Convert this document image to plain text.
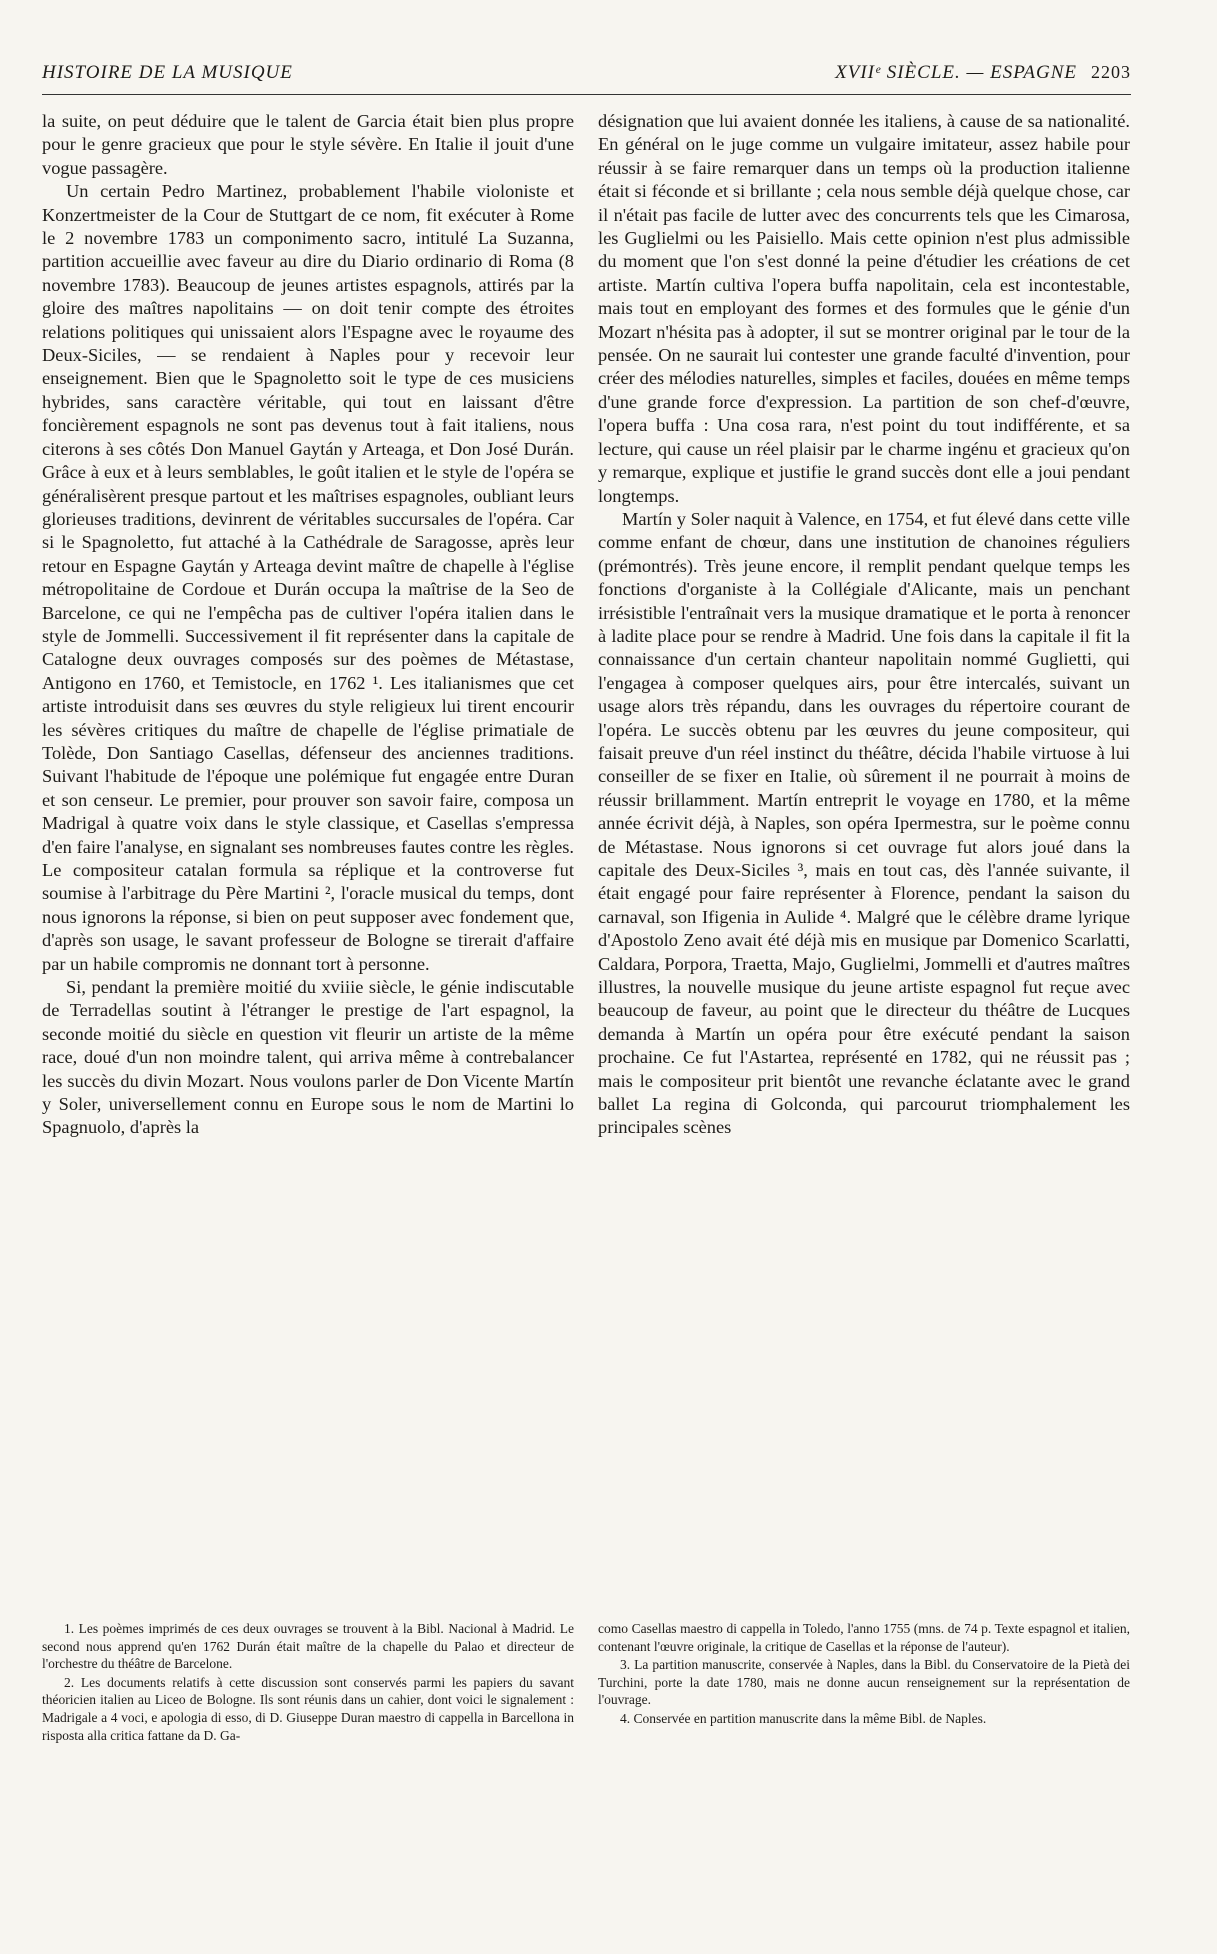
HISTOIRE DE LA MUSIQUE	XVIIᵉ SIÈCLE. — ESPAGNE 2203

la suite, on peut déduire que le talent de Garcia était bien plus propre pour le genre gracieux que pour le style sévère. En Italie il jouit d'une vogue passagère.

Un certain Pedro Martinez, probablement l'habile violoniste et Konzertmeister de la Cour de Stuttgart de ce nom, fit exécuter à Rome le 2 novembre 1783 un componimento sacro, intitulé La Suzanna, partition accueillie avec faveur au dire du Diario ordinario di Roma (8 novembre 1783). Beaucoup de jeunes artistes espagnols, attirés par la gloire des maîtres napolitains — on doit tenir compte des étroites relations politiques qui unissaient alors l'Espagne avec le royaume des Deux-Siciles, — se rendaient à Naples pour y recevoir leur enseignement. Bien que le Spagnoletto soit le type de ces musiciens hybrides, sans caractère véritable, qui tout en laissant d'être foncièrement espagnols ne sont pas devenus tout à fait italiens, nous citerons à ses côtés Don Manuel Gaytán y Arteaga, et Don José Durán. Grâce à eux et à leurs semblables, le goût italien et le style de l'opéra se généralisèrent presque partout et les maîtrises espagnoles, oubliant leurs glorieuses traditions, devinrent de véritables succursales de l'opéra. Car si le Spagnoletto, fut attaché à la Cathédrale de Saragosse, après leur retour en Espagne Gaytán y Arteaga devint maître de chapelle à l'église métropolitaine de Cordoue et Durán occupa la maîtrise de la Seo de Barcelone, ce qui ne l'empêcha pas de cultiver l'opéra italien dans le style de Jommelli. Successivement il fit représenter dans la capitale de Catalogne deux ouvrages composés sur des poèmes de Métastase, Antigono en 1760, et Temistocle, en 1762 ¹. Les italianismes que cet artiste introduisit dans ses œuvres du style religieux lui tirent encourir les sévères critiques du maître de chapelle de l'église primatiale de Tolède, Don Santiago Casellas, défenseur des anciennes traditions. Suivant l'habitude de l'époque une polémique fut engagée entre Duran et son censeur. Le premier, pour prouver son savoir faire, composa un Madrigal à quatre voix dans le style classique, et Casellas s'empressa d'en faire l'analyse, en signalant ses nombreuses fautes contre les règles. Le compositeur catalan formula sa réplique et la controverse fut soumise à l'arbitrage du Père Martini ², l'oracle musical du temps, dont nous ignorons la réponse, si bien on peut supposer avec fondement que, d'après son usage, le savant professeur de Bologne se tirerait d'affaire par un habile compromis ne donnant tort à personne.

Si, pendant la première moitié du xviiie siècle, le génie indiscutable de Terradellas soutint à l'étranger le prestige de l'art espagnol, la seconde moitié du siècle en question vit fleurir un artiste de la même race, doué d'un non moindre talent, qui arriva même à contrebalancer les succès du divin Mozart. Nous voulons parler de Don Vicente Martín y Soler, universellement connu en Europe sous le nom de Martini lo Spagnuolo, d'après la

désignation que lui avaient donnée les italiens, à cause de sa nationalité. En général on le juge comme un vulgaire imitateur, assez habile pour réussir à se faire remarquer dans un temps où la production italienne était si féconde et si brillante ; cela nous semble déjà quelque chose, car il n'était pas facile de lutter avec des concurrents tels que les Cimarosa, les Guglielmi ou les Paisiello. Mais cette opinion n'est plus admissible du moment que l'on s'est donné la peine d'étudier les créations de cet artiste. Martín cultiva l'opera buffa napolitain, cela est incontestable, mais tout en employant des formes et des formules que le génie d'un Mozart n'hésita pas à adopter, il sut se montrer original par le tour de la pensée. On ne saurait lui contester une grande faculté d'invention, pour créer des mélodies naturelles, simples et faciles, douées en même temps d'une grande force d'expression. La partition de son chef-d'œuvre, l'opera buffa : Una cosa rara, n'est point du tout indifférente, et sa lecture, qui cause un réel plaisir par le charme ingénu et gracieux qu'on y remarque, explique et justifie le grand succès dont elle a joui pendant longtemps.

Martín y Soler naquit à Valence, en 1754, et fut élevé dans cette ville comme enfant de chœur, dans une institution de chanoines réguliers (prémontrés). Très jeune encore, il remplit pendant quelque temps les fonctions d'organiste à la Collégiale d'Alicante, mais un penchant irrésistible l'entraînait vers la musique dramatique et le porta à renoncer à ladite place pour se rendre à Madrid. Une fois dans la capitale il fit la connaissance d'un certain chanteur napolitain nommé Guglietti, qui l'engagea à composer quelques airs, pour être intercalés, suivant un usage alors très répandu, dans les ouvrages du répertoire courant de l'opéra. Le succès obtenu par les œuvres du jeune compositeur, qui faisait preuve d'un réel instinct du théâtre, décida l'habile virtuose à lui conseiller de se fixer en Italie, où sûrement il ne pourrait à moins de réussir brillamment. Martín entreprit le voyage en 1780, et la même année écrivit déjà, à Naples, son opéra Ipermestra, sur le poème connu de Métastase. Nous ignorons si cet ouvrage fut alors joué dans la capitale des Deux-Siciles ³, mais en tout cas, dès l'année suivante, il était engagé pour faire représenter à Florence, pendant la saison du carnaval, son Ifigenia in Aulide ⁴. Malgré que le célèbre drame lyrique d'Apostolo Zeno avait été déjà mis en musique par Domenico Scarlatti, Caldara, Porpora, Traetta, Majo, Guglielmi, Jommelli et d'autres maîtres illustres, la nouvelle musique du jeune artiste espagnol fut reçue avec beaucoup de faveur, au point que le directeur du théâtre de Lucques demanda à Martín un opéra pour être exécuté pendant la saison prochaine. Ce fut l'Astartea, représenté en 1782, qui ne réussit pas ; mais le compositeur prit bientôt une revanche éclatante avec le grand ballet La regina di Golconda, qui parcourut triomphalement les principales scènes

1. Les poèmes imprimés de ces deux ouvrages se trouvent à la Bibl. Nacional à Madrid. Le second nous apprend qu'en 1762 Durán était maître de la chapelle du Palao et directeur de l'orchestre du théâtre de Barcelone.

2. Les documents relatifs à cette discussion sont conservés parmi les papiers du savant théoricien italien au Liceo de Bologne. Ils sont réunis dans un cahier, dont voici le signalement : Madrigale a 4 voci, e apologia di esso, di D. Giuseppe Duran maestro di cappella in Barcellona in risposta alla critica fattane da D. Ga-

como Casellas maestro di cappella in Toledo, l'anno 1755 (mns. de 74 p. Texte espagnol et italien, contenant l'œuvre originale, la critique de Casellas et la réponse de l'auteur).

3. La partition manuscrite, conservée à Naples, dans la Bibl. du Conservatoire de la Pietà dei Turchini, porte la date 1780, mais ne donne aucun renseignement sur la représentation de l'ouvrage.

4. Conservée en partition manuscrite dans la même Bibl. de Naples.
